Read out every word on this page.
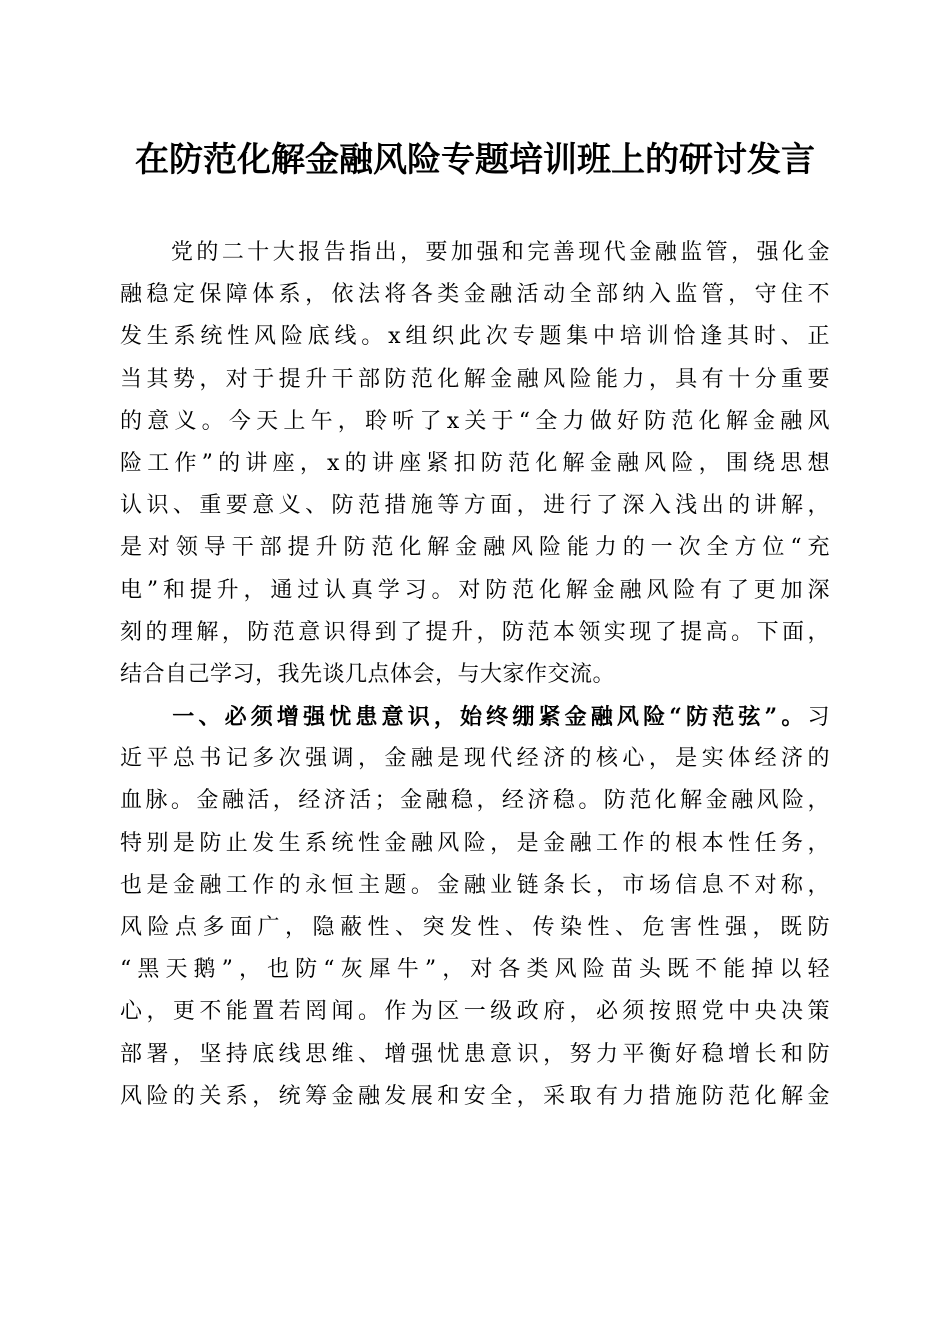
在防范化解金融风险专题培训班上的研讨发言
　　党的二十大报告指出，要加强和完善现代金融监管，强化金
融稳定保障体系，依法将各类金融活动全部纳入监管，守住不
发生系统性风险底线。x组织此次专题集中培训恰逢其时、正
当其势，对于提升干部防范化解金融风险能力，具有十分重要
的意义。今天上午，聆听了x关于“全力做好防范化解金融风
险工作”的讲座，x的讲座紧扣防范化解金融风险，围绕思想
认识、重要意义、防范措施等方面，进行了深入浅出的讲解，
是对领导干部提升防范化解金融风险能力的一次全方位“充
电”和提升，通过认真学习。对防范化解金融风险有了更加深
刻的理解，防范意识得到了提升，防范本领实现了提高。下面，
结合自己学习，我先谈几点体会，与大家作交流。
　　一、必须增强忧患意识，始终绷紧金融风险“防范弦”。习
近平总书记多次强调，金融是现代经济的核心，是实体经济的
血脉。金融活，经济活；金融稳，经济稳。防范化解金融风险，
特别是防止发生系统性金融风险，是金融工作的根本性任务，
也是金融工作的永恒主题。金融业链条长，市场信息不对称，
风险点多面广，隐蔽性、突发性、传染性、危害性强，既防
“黑天鹅”，也防“灰犀牛”，对各类风险苗头既不能掉以轻
心，更不能置若罔闻。作为区一级政府，必须按照党中央决策
部署，坚持底线思维、增强忧患意识，努力平衡好稳增长和防
风险的关系，统筹金融发展和安全，采取有力措施防范化解金
